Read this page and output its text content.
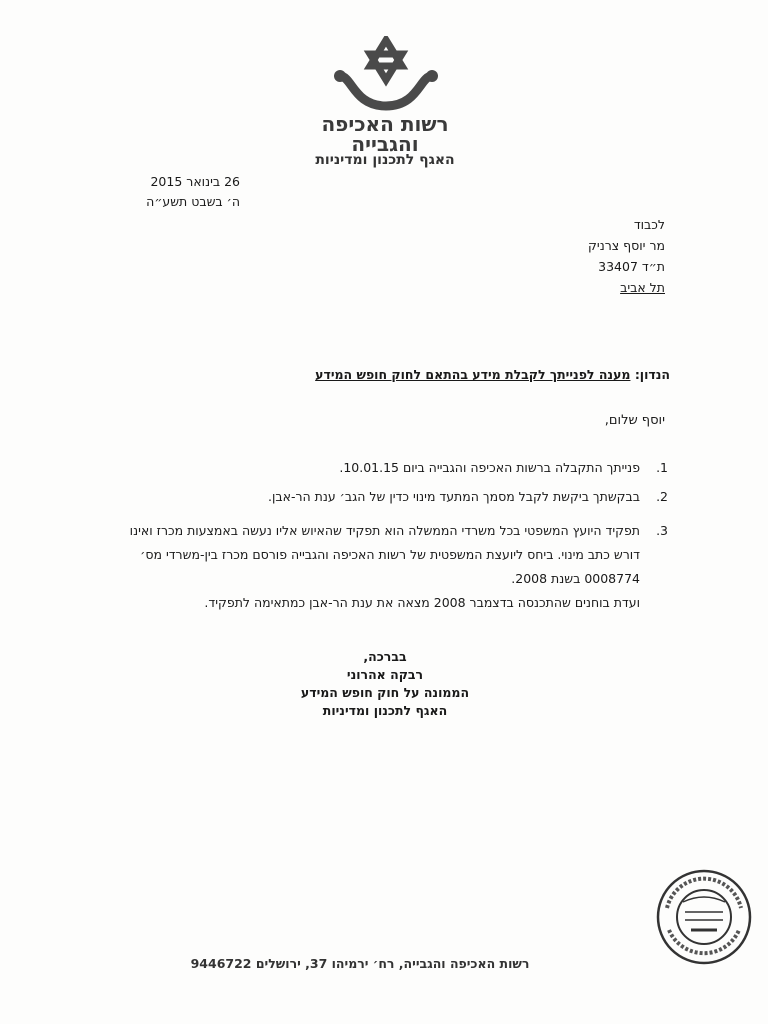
רשות האכיפה
והגבייה
האגף לתכנון ומדיניות
26 בינואר 2015
ה׳ בשבט תשע״ה
לכבוד
מר יוסף צרניק
ת״ד 33407
תל אביב
הנדון: מענה לפנייתך לקבלת מידע בהתאם לחוק חופש המידע
יוסף שלום,
1.
פנייתך התקבלה ברשות האכיפה והגבייה ביום 10.01.15.
2.
בבקשתך ביקשת לקבל מסמך המתעד מינוי כדין של הגב׳ ענת הר-אבן.
3.
תפקיד היועץ המשפטי בכל משרדי הממשלה הוא תפקיד שהאיוש אליו נעשה באמצעות מכרז ואינו דורש כתב מינוי. ביחס ליועצת המשפטית של רשות האכיפה והגבייה פורסם מכרז בין-משרדי מס׳ 0008774 בשנת 2008.
ועדת בוחנים שהתכנסה בדצמבר 2008 מצאה את ענת הר-אבן כמתאימה לתפקיד.
בברכה,
רבקה אהרוני
הממונה על חוק חופש המידע
האגף לתכנון ומדיניות
רשות האכיפה והגבייה, רח׳ ירמיהו 37, ירושלים 9446722
